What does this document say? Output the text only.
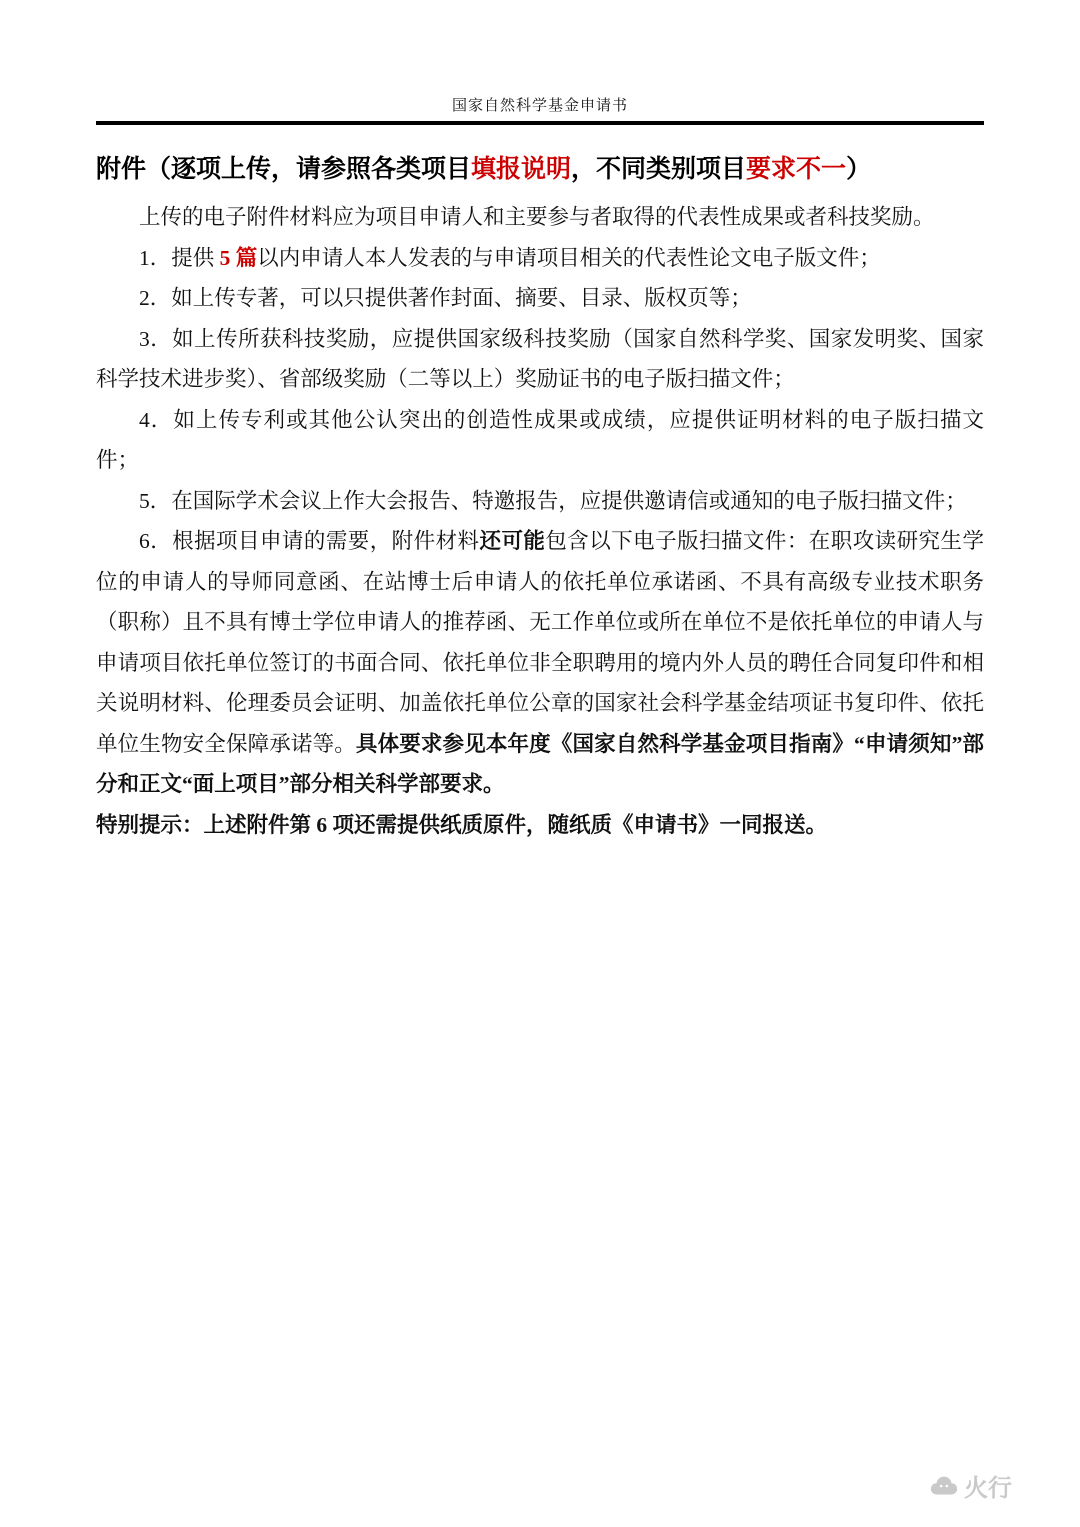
国家自然科学基金申请书
附件（逐项上传，请参照各类项目填报说明，不同类别项目要求不一）

上传的电子附件材料应为项目申请人和主要参与者取得的代表性成果或者科技奖励。

1．提供 5 篇以内申请人本人发表的与申请项目相关的代表性论文电子版文件；

2．如上传专著，可以只提供著作封面、摘要、目录、版权页等；

3．如上传所获科技奖励，应提供国家级科技奖励（国家自然科学奖、国家发明奖、国家科学技术进步奖）、省部级奖励（二等以上）奖励证书的电子版扫描文件；

4．如上传专利或其他公认突出的创造性成果或成绩，应提供证明材料的电子版扫描文件；

5．在国际学术会议上作大会报告、特邀报告，应提供邀请信或通知的电子版扫描文件；

6．根据项目申请的需要，附件材料还可能包含以下电子版扫描文件：在职攻读研究生学位的申请人的导师同意函、在站博士后申请人的依托单位承诺函、不具有高级专业技术职务（职称）且不具有博士学位申请人的推荐函、无工作单位或所在单位不是依托单位的申请人与申请项目依托单位签订的书面合同、依托单位非全职聘用的境内外人员的聘任合同复印件和相关说明材料、伦理委员会证明、加盖依托单位公章的国家社会科学基金结项证书复印件、依托单位生物安全保障承诺等。具体要求参见本年度《国家自然科学基金项目指南》“申请须知”部分和正文“面上项目”部分相关科学部要求。

特别提示：上述附件第 6 项还需提供纸质原件，随纸质《申请书》一同报送。

火行
